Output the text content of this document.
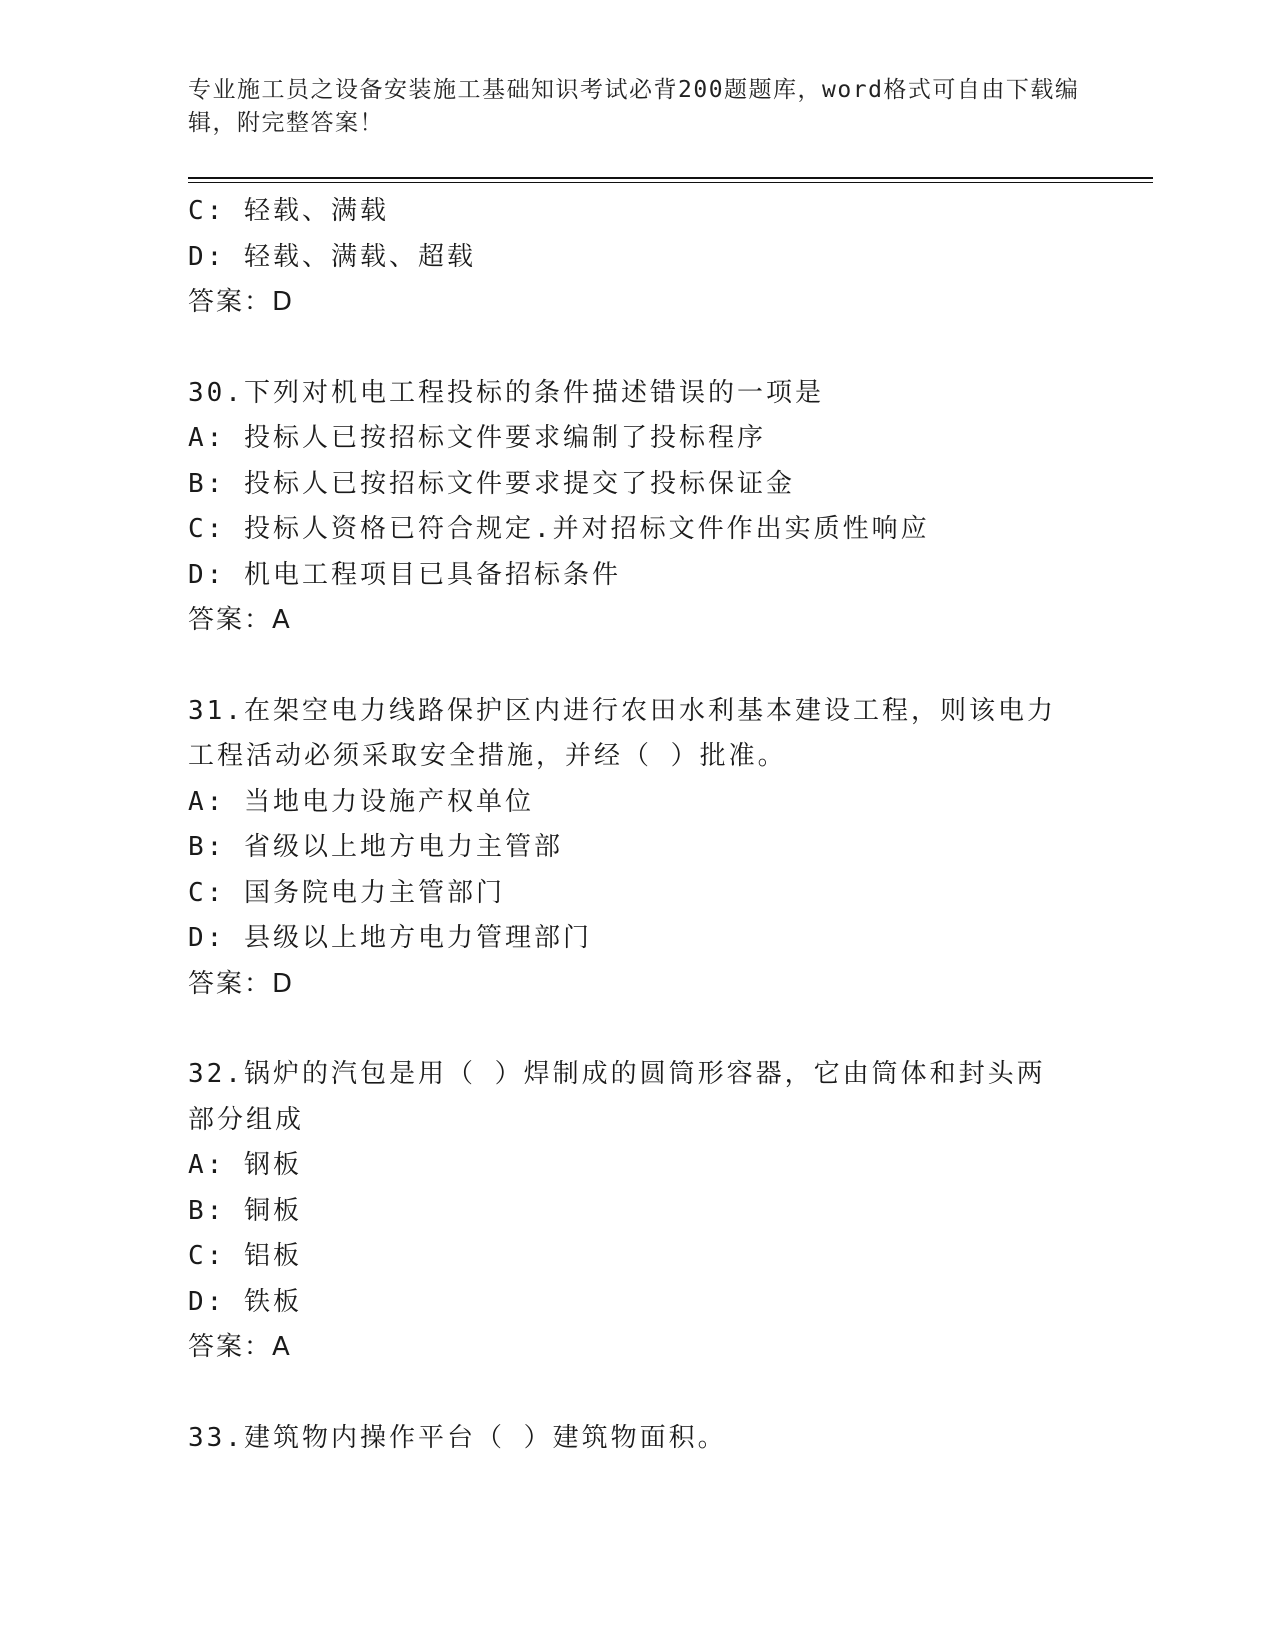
专业施工员之设备安装施工基础知识考试必背200题题库，word格式可自由下载编辑，附完整答案！
C: 轻载、满载
D: 轻载、满载、超载
答案：D
30.下列对机电工程投标的条件描述错误的一项是
A: 投标人已按招标文件要求编制了投标程序
B: 投标人已按招标文件要求提交了投标保证金
C: 投标人资格已符合规定.并对招标文件作出实质性响应
D: 机电工程项目已具备招标条件
答案：A
31.在架空电力线路保护区内进行农田水利基本建设工程，则该电力工程活动必须采取安全措施，并经（ ）批准。
A: 当地电力设施产权单位
B: 省级以上地方电力主管部
C: 国务院电力主管部门
D: 县级以上地方电力管理部门
答案：D
32.锅炉的汽包是用（ ）焊制成的圆筒形容器，它由筒体和封头两部分组成
A: 钢板
B: 铜板
C: 铝板
D: 铁板
答案：A
33.建筑物内操作平台（ ）建筑物面积。
